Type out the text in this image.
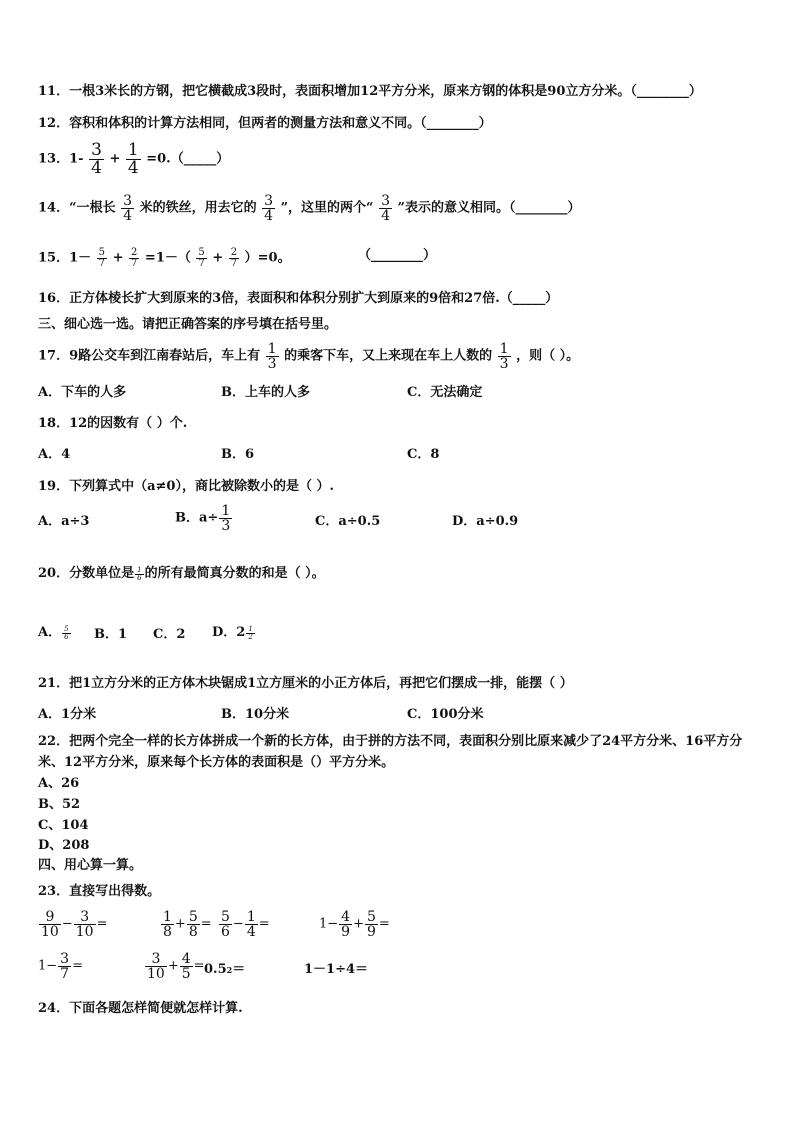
11．一根3米长的方钢，把它横截成3段时，表面积增加12平方分米，原来方钢的体积是90立方分米。（________）
12．容积和体积的计算方法相同，但两者的测量方法和意义不同。（________）
13．$1- \frac{3}{4} + \frac{1}{4}$ =0.（_____）
14．“一根长 $\frac{3}{4}$ 米的铁丝，用去它的 $\frac{3}{4}$ ”，这里的两个“ $\frac{3}{4}$ ”表示的意义相同。（________）
15．$1- \frac{5}{7} + \frac{2}{7} =1-( \frac{5}{7} + \frac{2}{7} )=0$。	（________）
16．正方体棱长扩大到原来的3倍，表面积和体积分别扩大到原来的9倍和27倍.（_____）
三、细心选一选。请把正确答案的序号填在括号里。
17．9路公交车到江南春站后，车上有 $\frac{1}{3}$ 的乘客下车，又上来现在车上人数的 $\frac{1}{3}$ ，则（ ）。
A．下车的人多	B．上车的人多	C．无法确定
18．12的因数有（ ）个.
A．4	B．6	C．8
19．下列算式中（a≠0），商比被除数小的是（ ）.
A．a÷3	B．$a\div \frac{1}{3}$	C．a÷0.5	D．a÷0.9
20．分数单位是 $\frac{1}{6}$ 的所有最简真分数的和是（ ）。
A． $\frac{5}{6}$ B．1 C．2 D．$2 \frac{1}{2}$
21．把1立方分米的正方体木块锯成1立方厘米的小正方体后，再把它们摆成一排，能摆（ ）
A．1分米	B．10分米	C．100分米
22．把两个完全一样的长方体拼成一个新的长方体，由于拼的方法不同，表面积分别比原来减少了24平方分米、16平方分米、12平方分米，原来每个长方体的表面积是（）平方分米。
A、26
B、52
C、104
D、208
四、用心算一算。
23．直接写出得数。
$\frac{9}{10} - \frac{3}{10}$ =	$\frac{1}{8} + \frac{5}{8} = \frac{5}{6} - \frac{1}{4}$ =	$1- \frac{4}{9} + \frac{5}{9}$ =
$1- \frac{3}{7}$ =	$\frac{3}{10} + \frac{4}{5} = 0.52=$	1－1÷4＝
24．下面各题怎样简便就怎样计算.
